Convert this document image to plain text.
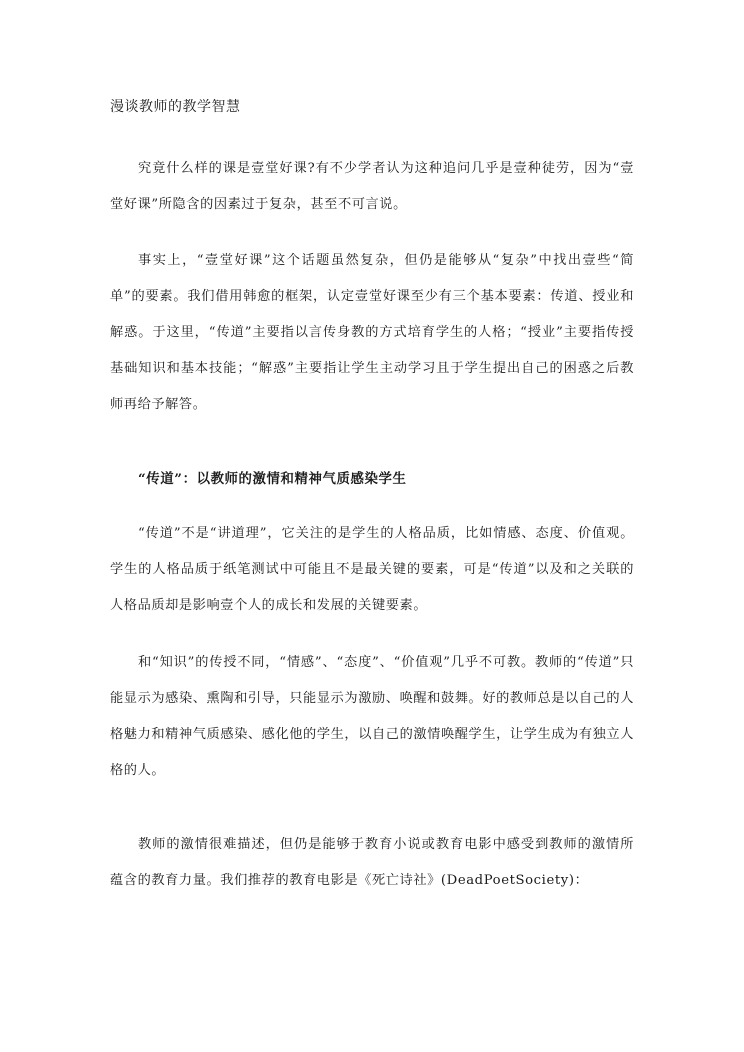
漫谈教师的教学智慧

究竟什么样的课是壹堂好课?有不少学者认为这种追问几乎是壹种徒劳，因为“壹堂好课”所隐含的因素过于复杂，甚至不可言说。

事实上，“壹堂好课”这个话题虽然复杂，但仍是能够从“复杂”中找出壹些“简单”的要素。我们借用韩愈的框架，认定壹堂好课至少有三个基本要素：传道、授业和解惑。于这里，“传道”主要指以言传身教的方式培育学生的人格；“授业”主要指传授基础知识和基本技能；“解惑”主要指让学生主动学习且于学生提出自己的困惑之后教师再给予解答。

“传道”：以教师的激情和精神气质感染学生

“传道”不是“讲道理”，它关注的是学生的人格品质，比如情感、态度、价值观。学生的人格品质于纸笔测试中可能且不是最关键的要素，可是“传道”以及和之关联的人格品质却是影响壹个人的成长和发展的关键要素。

和“知识”的传授不同，“情感”、“态度”、“价值观”几乎不可教。教师的“传道”只能显示为感染、熏陶和引导，只能显示为激励、唤醒和鼓舞。好的教师总是以自己的人格魅力和精神气质感染、感化他的学生，以自己的激情唤醒学生，让学生成为有独立人格的人。

教师的激情很难描述，但仍是能够于教育小说或教育电影中感受到教师的激情所蕴含的教育力量。我们推荐的教育电影是《死亡诗社》(DeadPoetSociety)：
